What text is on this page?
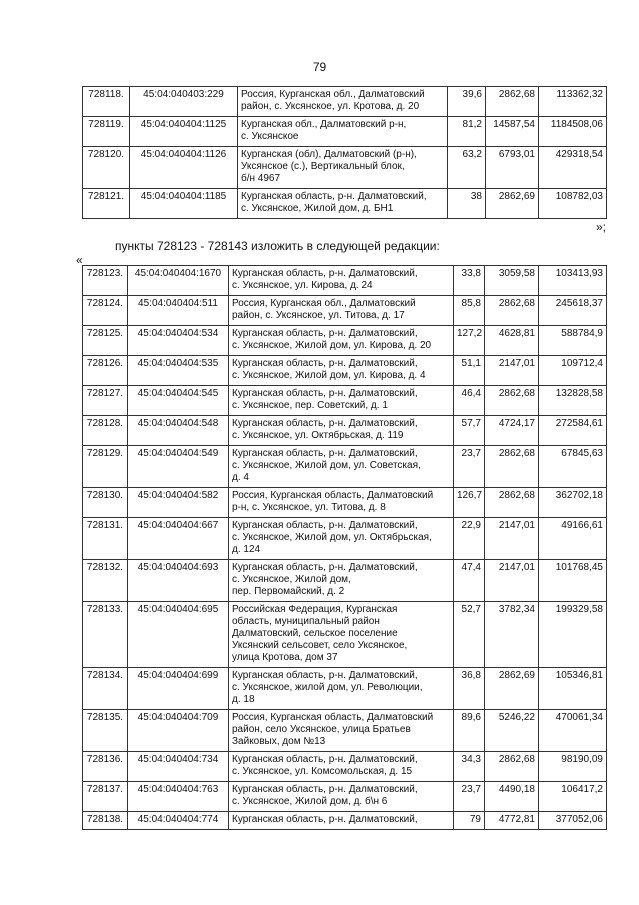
79
728118.	45:04:040403:229	Россия, Курганская обл., Далматовский
район, с. Уксянское, ул. Кротова, д. 20	39,6	2862,68	113362,32
728119.	45:04:040404:1125	Курганская обл., Далматовский р-н,
с. Уксянское	81,2	14587,54	1184508,06
728120.	45:04:040404:1126	Курганская (обл), Далматовский (р-н),
Уксянское (с.), Вертикальный блок,
б/н 4967	63,2	6793,01	429318,54
728121.	45:04:040404:1185	Курганская область, р-н. Далматовский,
с. Уксянское, Жилой дом, д. БН1	38	2862,69	108782,03
»;
пункты 728123 - 728143 изложить в следующей редакции:
«
728123.	45:04:040404:1670	Курганская область, р-н. Далматовский,
с. Уксянское, ул. Кирова, д. 24	33,8	3059,58	103413,93
728124.	45:04:040404:511	Россия, Курганская обл., Далматовский
район, с. Уксянское, ул. Титова, д. 17	85,8	2862,68	245618,37
728125.	45:04:040404:534	Курганская область, р-н. Далматовский,
с. Уксянское, Жилой дом, ул. Кирова, д. 20	127,2	4628,81	588784,9
728126.	45:04:040404:535	Курганская область, р-н. Далматовский,
с. Уксянское, Жилой дом, ул. Кирова, д. 4	51,1	2147,01	109712,4
728127.	45:04:040404:545	Курганская область, р-н. Далматовский,
с. Уксянское, пер. Советский, д. 1	46,4	2862,68	132828,58
728128.	45:04:040404:548	Курганская область, р-н. Далматовский,
с. Уксянское, ул. Октябрьская, д. 119	57,7	4724,17	272584,61
728129.	45:04:040404:549	Курганская область, р-н. Далматовский,
с. Уксянское, Жилой дом, ул. Советская,
д. 4	23,7	2862,68	67845,63
728130.	45:04:040404:582	Россия, Курганская область, Далматовский
р-н, с. Уксянское, ул. Титова, д. 8	126,7	2862,68	362702,18
728131.	45:04:040404:667	Курганская область, р-н. Далматовский,
с. Уксянское, Жилой дом, ул. Октябрьская,
д. 124	22,9	2147,01	49166,61
728132.	45:04:040404:693	Курганская область, р-н. Далматовский,
с. Уксянское, Жилой дом,
пер. Первомайский, д. 2	47,4	2147,01	101768,45
728133.	45:04:040404:695	Российская Федерация, Курганская
область, муниципальный район
Далматовский, сельское поселение
Уксянский сельсовет, село Уксянское,
улица Кротова, дом 37	52,7	3782,34	199329,58
728134.	45:04:040404:699	Курганская область, р-н. Далматовский,
с. Уксянское, жилой дом, ул. Революции,
д. 18	36,8	2862,69	105346,81
728135.	45:04:040404:709	Россия, Курганская область, Далматовский
район, село Уксянское, улица Братьев
Зайковых, дом №13	89,6	5246,22	470061,34
728136.	45:04:040404:734	Курганская область, р-н. Далматовский,
с. Уксянское, ул. Комсомольская, д. 15	34,3	2862,68	98190,09
728137.	45:04:040404:763	Курганская область, р-н. Далматовский,
с. Уксянское, Жилой дом, д. б\н 6	23,7	4490,18	106417,2
728138.	45:04:040404:774	Курганская область, р-н. Далматовский,	79	4772,81	377052,06
